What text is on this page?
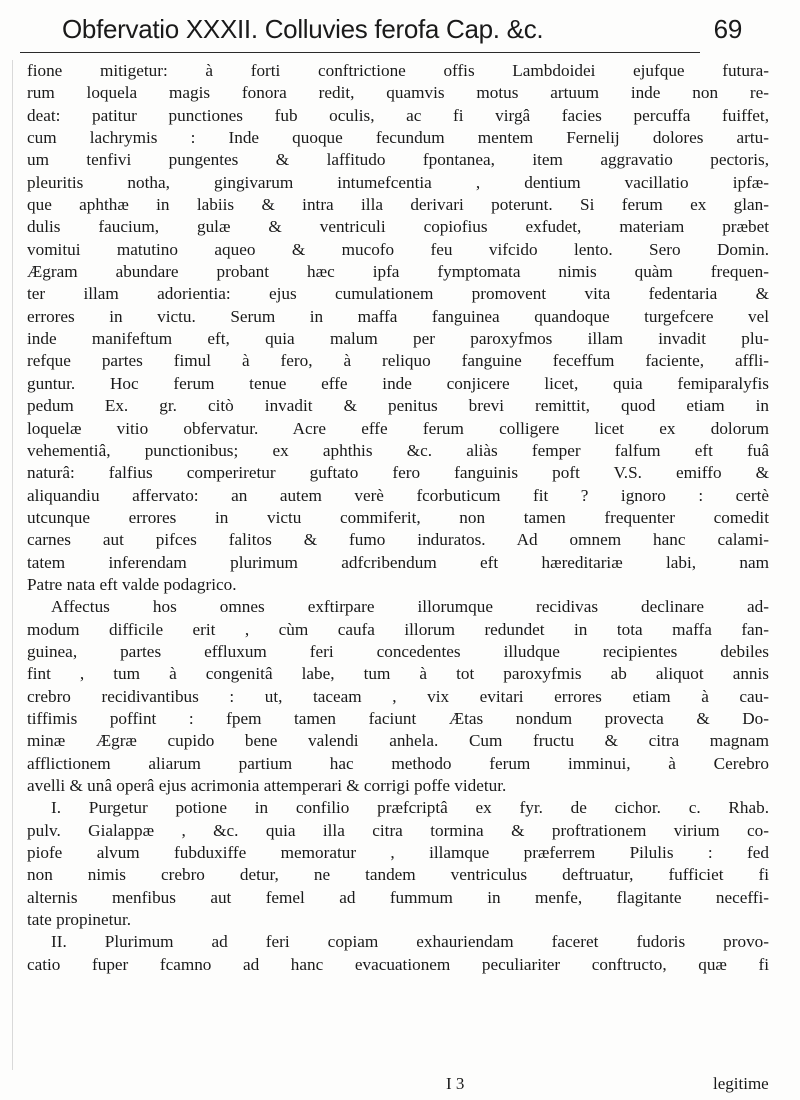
Obfervatio XXXII. Colluvies ferofa Cap. &c.	69
fione mitigetur: à forti conftrictione offis Lambdoidei ejufque futura-
rum loquela magis fonora redit, quamvis motus artuum inde non re-
deat: patitur punctiones fub oculis, ac fi virgâ facies percuffa fuiffet,
cum lachrymis : Inde quoque fecundum mentem Fernelij dolores artu-
um tenfivi pungentes & laffitudo fpontanea, item aggravatio pectoris,
pleuritis notha, gingivarum intumefcentia , dentium vacillatio ipfæ-
que aphthæ in labiis & intra illa derivari poterunt. Si ferum ex glan-
dulis faucium, gulæ & ventriculi copiofius exfudet, materiam præbet
vomitui matutino aqueo & mucofo feu vifcido lento. Sero Domin.
Ægram abundare probant hæc ipfa fymptomata nimis quàm frequen-
ter illam adorientia: ejus cumulationem promovent vita fedentaria &
errores in victu. Serum in maffa fanguinea quandoque turgefcere vel
inde manifeftum eft, quia malum per paroxyfmos illam invadit plu-
refque partes fimul à fero, à reliquo fanguine feceffum faciente, affli-
guntur. Hoc ferum tenue effe inde conjicere licet, quia femiparalyfis
pedum Ex. gr. citò invadit & penitus brevi remittit, quod etiam in
loquelæ vitio obfervatur. Acre effe ferum colligere licet ex dolorum
vehementiâ, punctionibus; ex aphthis &c. aliàs femper falfum eft fuâ
naturâ: falfius comperiretur guftato fero fanguinis poft V.S. emiffo &
aliquandiu affervato: an autem verè fcorbuticum fit ? ignoro : certè
utcunque errores in victu commiferit, non tamen frequenter comedit
carnes aut pifces falitos & fumo induratos. Ad omnem hanc calami-
tatem inferendam plurimum adfcribendum eft hæreditariæ labi, nam
Patre nata eft valde podagrico.
Affectus hos omnes exftirpare illorumque recidivas declinare ad-
modum difficile erit , cùm caufa illorum redundet in tota maffa fan-
guinea, partes effluxum feri concedentes illudque recipientes debiles
fint , tum à congenitâ labe, tum à tot paroxyfmis ab aliquot annis
crebro recidivantibus : ut, taceam , vix evitari errores etiam à cau-
tiffimis poffint : fpem tamen faciunt Ætas nondum provecta & Do-
minæ Ægræ cupido bene valendi anhela. Cum fructu & citra magnam
afflictionem aliarum partium hac methodo ferum imminui, à Cerebro
avelli & unâ operâ ejus acrimonia attemperari & corrigi poffe videtur.
I. Purgetur potione in confilio præfcriptâ ex fyr. de cichor. c. Rhab.
pulv. Gialappæ , &c. quia illa citra tormina & proftrationem virium co-
piofe alvum fubduxiffe memoratur , illamque præferrem Pilulis : fed
non nimis crebro detur, ne tandem ventriculus deftruatur, fufficiet fi
alternis menfibus aut femel ad fummum in menfe, flagitante neceffi-
tate propinetur.
II. Plurimum ad feri copiam exhauriendam faceret fudoris provo-
catio fuper fcamno ad hanc evacuationem peculiariter conftructo, quæ fi
I 3	legitime
